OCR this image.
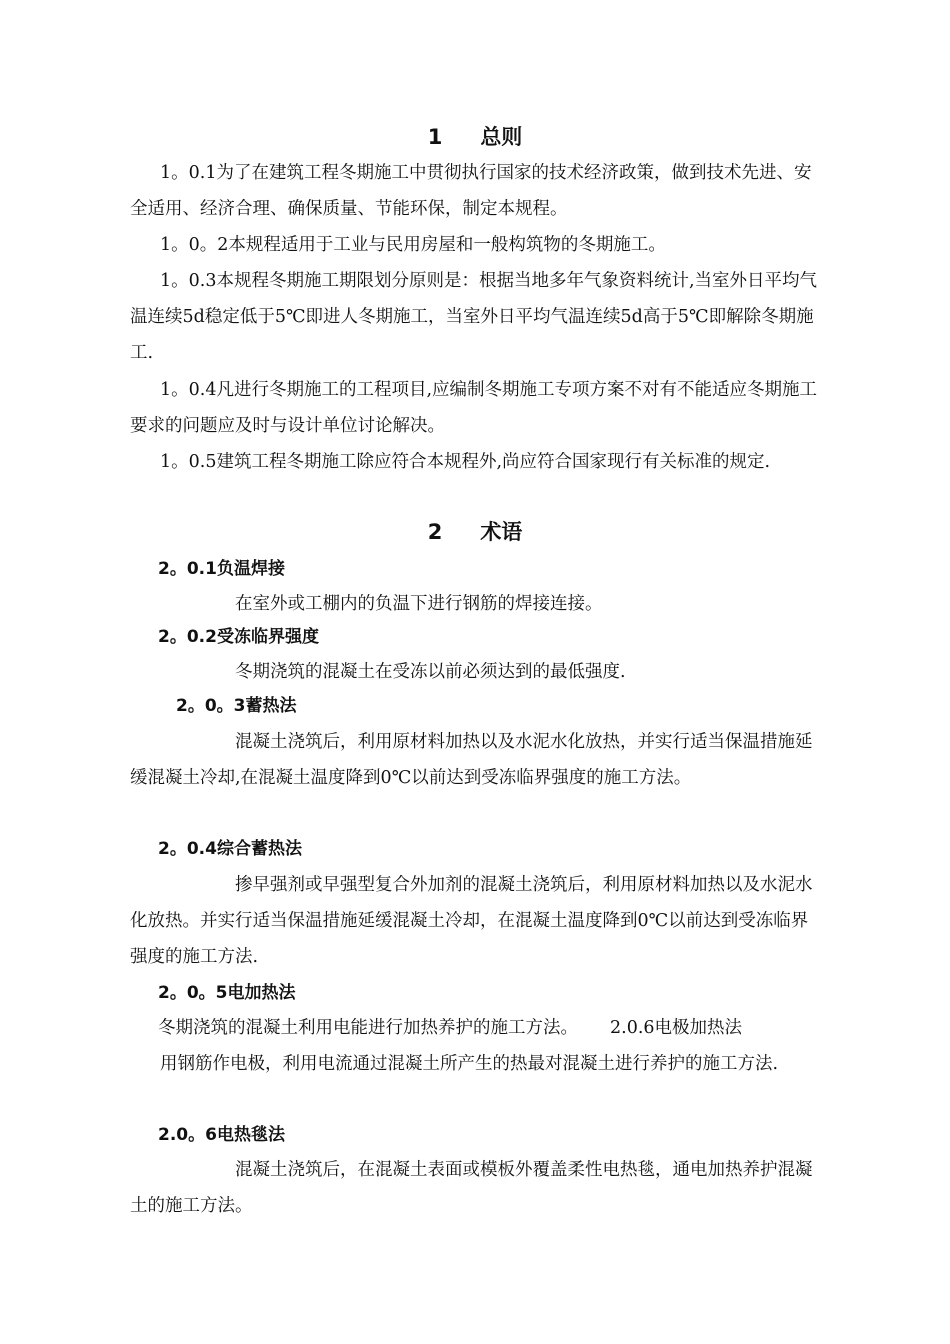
1 总则
1。0.1为了在建筑工程冬期施工中贯彻执行国家的技术经济政策，做到技术先进、安全适用、经济合理、确保质量、节能环保，制定本规程。
1。0。2本规程适用于工业与民用房屋和一般构筑物的冬期施工。
1。0.3本规程冬期施工期限划分原则是：根据当地多年气象资料统计,当室外日平均气温连续5d稳定低于5℃即进人冬期施工，当室外日平均气温连续5d高于5℃即解除冬期施工.
1。0.4凡进行冬期施工的工程项目,应编制冬期施工专项方案不对有不能适应冬期施工要求的问题应及时与设计单位讨论解决。
1。0.5建筑工程冬期施工除应符合本规程外,尚应符合国家现行有关标准的规定.
2 术语
2。0.1负温焊接
在室外或工棚内的负温下进行钢筋的焊接连接。
2。0.2受冻临界强度
冬期浇筑的混凝土在受冻以前必须达到的最低强度.
2。0。3蓄热法
混凝土浇筑后，利用原材料加热以及水泥水化放热，并实行适当保温措施延缓混凝土冷却,在混凝土温度降到0℃以前达到受冻临界强度的施工方法。
2。0.4综合蓄热法
掺早强剂或早强型复合外加剂的混凝土浇筑后，利用原材料加热以及水泥水化放热。并实行适当保温措施延缓混凝土冷却，在混凝土温度降到0℃以前达到受冻临界强度的施工方法.
2。0。5电加热法
冬期浇筑的混凝土利用电能进行加热养护的施工方法。 2.0.6电极加热法
用钢筋作电极，利用电流通过混凝土所产生的热最对混凝土进行养护的施工方法.
2.0。6电热毯法
混凝土浇筑后，在混凝土表面或模板外覆盖柔性电热毯，通电加热养护混凝土的施工方法。
